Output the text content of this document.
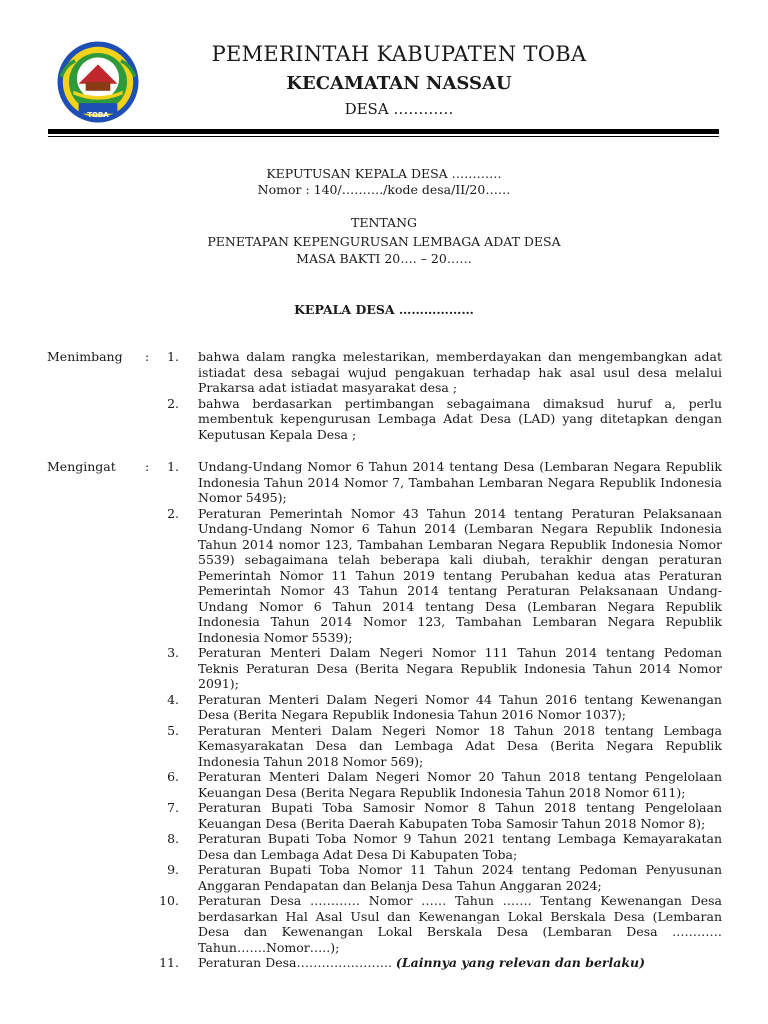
TOBA
PEMERINTAH KABUPATEN TOBA
KECAMATAN NASSAU
DESA …………
KEPUTUSAN KEPALA DESA …………
Nomor : 140/………./kode desa/II/20……
TENTANG
PENETAPAN KEPENGURUSAN LEMBAGA ADAT DESA
MASA BAKTI 20…. – 20……
KEPALA DESA ………………
Menimbang :	1. bahwa dalam rangka melestarikan, memberdayakan dan mengembangkan adat istiadat desa sebagai wujud pengakuan terhadap hak asal usul desa melalui Prakarsa adat istiadat masyarakat desa ;
2. bahwa berdasarkan pertimbangan sebagaimana dimaksud huruf a, perlu membentuk kepengurusan Lembaga Adat Desa (LAD) yang ditetapkan dengan Keputusan Kepala Desa ;
Mengingat :	1. Undang-Undang Nomor 6 Tahun 2014 tentang Desa (Lembaran Negara Republik Indonesia Tahun 2014 Nomor 7, Tambahan Lembaran Negara Republik Indonesia Nomor 5495);
2. Peraturan Pemerintah Nomor 43 Tahun 2014 tentang Peraturan Pelaksanaan Undang-Undang Nomor 6 Tahun 2014 (Lembaran Negara Republik Indonesia Tahun 2014 nomor 123, Tambahan Lembaran Negara Republik Indonesia Nomor 5539) sebagaimana telah beberapa kali diubah, terakhir dengan peraturan Pemerintah Nomor 11 Tahun 2019 tentang Perubahan kedua atas Peraturan Pemerintah Nomor 43 Tahun 2014 tentang Peraturan Pelaksanaan Undang-Undang Nomor 6 Tahun 2014 tentang Desa (Lembaran Negara Republik Indonesia Tahun 2014 Nomor 123, Tambahan Lembaran Negara Republik Indonesia Nomor 5539);
3. Peraturan Menteri Dalam Negeri Nomor 111 Tahun 2014 tentang Pedoman Teknis Peraturan Desa (Berita Negara Republik Indonesia Tahun 2014 Nomor 2091);
4. Peraturan Menteri Dalam Negeri Nomor 44 Tahun 2016 tentang Kewenangan Desa (Berita Negara Republik Indonesia Tahun 2016 Nomor 1037);
5. Peraturan Menteri Dalam Negeri Nomor 18 Tahun 2018 tentang Lembaga Kemasyarakatan Desa dan Lembaga Adat Desa (Berita Negara Republik Indonesia Tahun 2018 Nomor 569);
6. Peraturan Menteri Dalam Negeri Nomor 20 Tahun 2018 tentang Pengelolaan Keuangan Desa (Berita Negara Republik Indonesia Tahun 2018 Nomor 611);
7. Peraturan Bupati Toba Samosir Nomor 8 Tahun 2018 tentang Pengelolaan Keuangan Desa (Berita Daerah Kabupaten Toba Samosir Tahun 2018 Nomor 8);
8. Peraturan Bupati Toba Nomor 9 Tahun 2021 tentang Lembaga Kemayarakatan Desa dan Lembaga Adat Desa Di Kabupaten Toba;
9. Peraturan Bupati Toba Nomor 11 Tahun 2024 tentang Pedoman Penyusunan Anggaran Pendapatan dan Belanja Desa Tahun Anggaran 2024;
10. Peraturan Desa ………… Nomor …… Tahun ……. Tentang Kewenangan Desa berdasarkan Hal Asal Usul dan Kewenangan Lokal Berskala Desa (Lembaran Desa dan Kewenangan Lokal Berskala Desa (Lembaran Desa …………Tahun…….Nomor…..);
11. Peraturan Desa………………….. (Lainnya yang relevan dan berlaku)
